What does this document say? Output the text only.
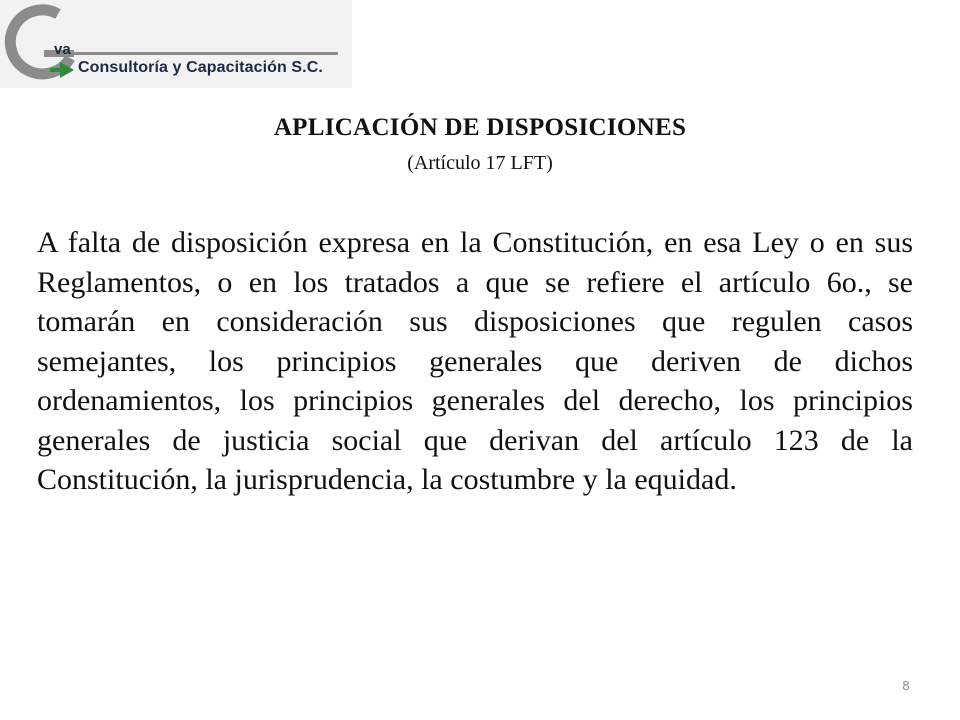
va
Consultoría y Capacitación S.C.
APLICACIÓN DE DISPOSICIONES
(Artículo 17 LFT)
A falta de disposición expresa en la Constitución, en esa Ley o en sus Reglamentos, o en los tratados a que se refiere el artículo 6o., se tomarán en consideración sus disposiciones que regulen casos semejantes, los principios generales que deriven de dichos ordenamientos, los principios generales del derecho, los principios generales de justicia social que derivan del artículo 123 de la Constitución, la jurisprudencia, la costumbre y la equidad.
8
